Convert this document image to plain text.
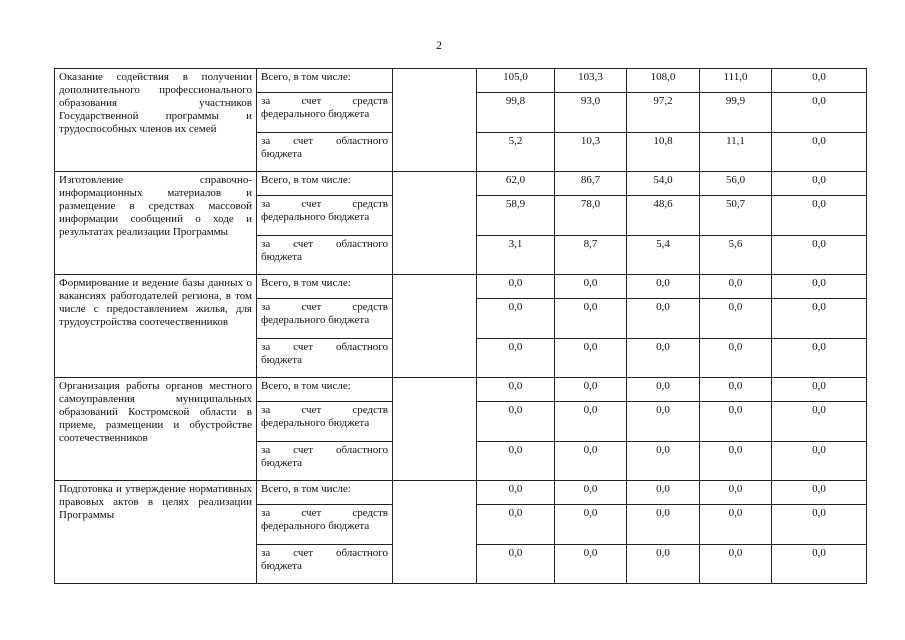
2
Оказание содействия в получении дополнительного профессионального образования участников Государственной программы и трудоспособных членов их семей	Всего, в том числе:		105,0	103,3	108,0	111,0	0,0
	за счет средств федерального бюджета		99,8	93,0	97,2	99,9	0,0
	за счет областного бюджета		5,2	10,3	10,8	11,1	0,0
Изготовление справочно-информационных материалов и размещение в средствах массовой информации сообщений о ходе и результатах реализации Программы	Всего, в том числе:		62,0	86,7	54,0	56,0	0,0
	за счет средств федерального бюджета		58,9	78,0	48,6	50,7	0,0
	за счет областного бюджета		3,1	8,7	5,4	5,6	0,0
Формирование и ведение базы данных о вакансиях работодателей региона, в том числе с предоставлением жилья, для трудоустройства соотечественников	Всего, в том числе:		0,0	0,0	0,0	0,0	0,0
	за счет средств федерального бюджета		0,0	0,0	0,0	0,0	0,0
	за счет областного бюджета		0,0	0,0	0,0	0,0	0,0
Организация работы органов местного самоуправления муниципальных образований Костромской области в приеме, размещении и обустройстве соотечественников	Всего, в том числе:		0,0	0,0	0,0	0,0	0,0
	за счет средств федерального бюджета		0,0	0,0	0,0	0,0	0,0
	за счет областного бюджета		0,0	0,0	0,0	0,0	0,0
Подготовка и утверждение нормативных правовых актов в целях реализации Программы	Всего, в том числе:		0,0	0,0	0,0	0,0	0,0
	за счет средств федерального бюджета		0,0	0,0	0,0	0,0	0,0
	за счет областного бюджета		0,0	0,0	0,0	0,0	0,0
